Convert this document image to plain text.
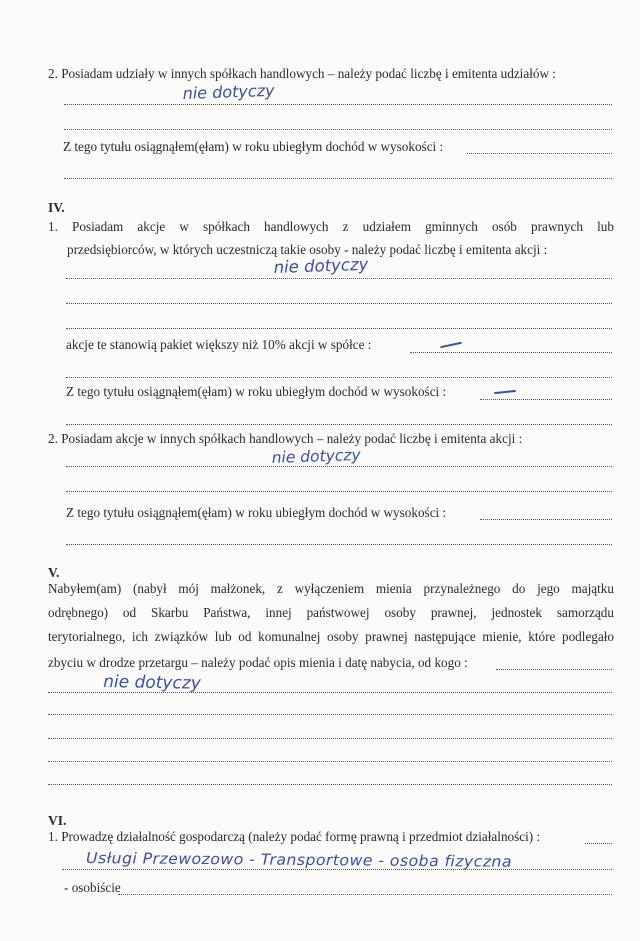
2. Posiadam udziały w innych spółkach handlowych – należy podać liczbę i emitenta udziałów :
nie dotyczy
Z tego tytułu osiągnąłem(ęłam) w roku ubiegłym dochód w wysokości :
IV.
1. Posiadam akcje w spółkach handlowych z udziałem gminnych osób prawnych lub
przedsiębiorców, w których uczestniczą takie osoby - należy podać liczbę i emitenta akcji :
nie dotyczy
akcje te stanowią pakiet większy niż 10% akcji w spółce :
Z tego tytułu osiągnąłem(ęłam) w roku ubiegłym dochód w wysokości :
2. Posiadam akcje w innych spółkach handlowych – należy podać liczbę i emitenta akcji :
nie dotyczy
Z tego tytułu osiągnąłem(ęłam) w roku ubiegłym dochód w wysokości :
V.
Nabyłem(am) (nabył mój małżonek, z wyłączeniem mienia przynależnego do jego majątku
odrębnego) od Skarbu Państwa, innej państwowej osoby prawnej, jednostek samorządu
terytorialnego, ich związków lub od komunalnej osoby prawnej następujące mienie, które podlegało
zbyciu w drodze przetargu – należy podać opis mienia i datę nabycia, od kogo :
nie dotyczy
VI.
1. Prowadzę działalność gospodarczą (należy podać formę prawną i przedmiot działalności) :
Usługi Przewozowo - Transportowe - osoba fizyczna
- osobiście
